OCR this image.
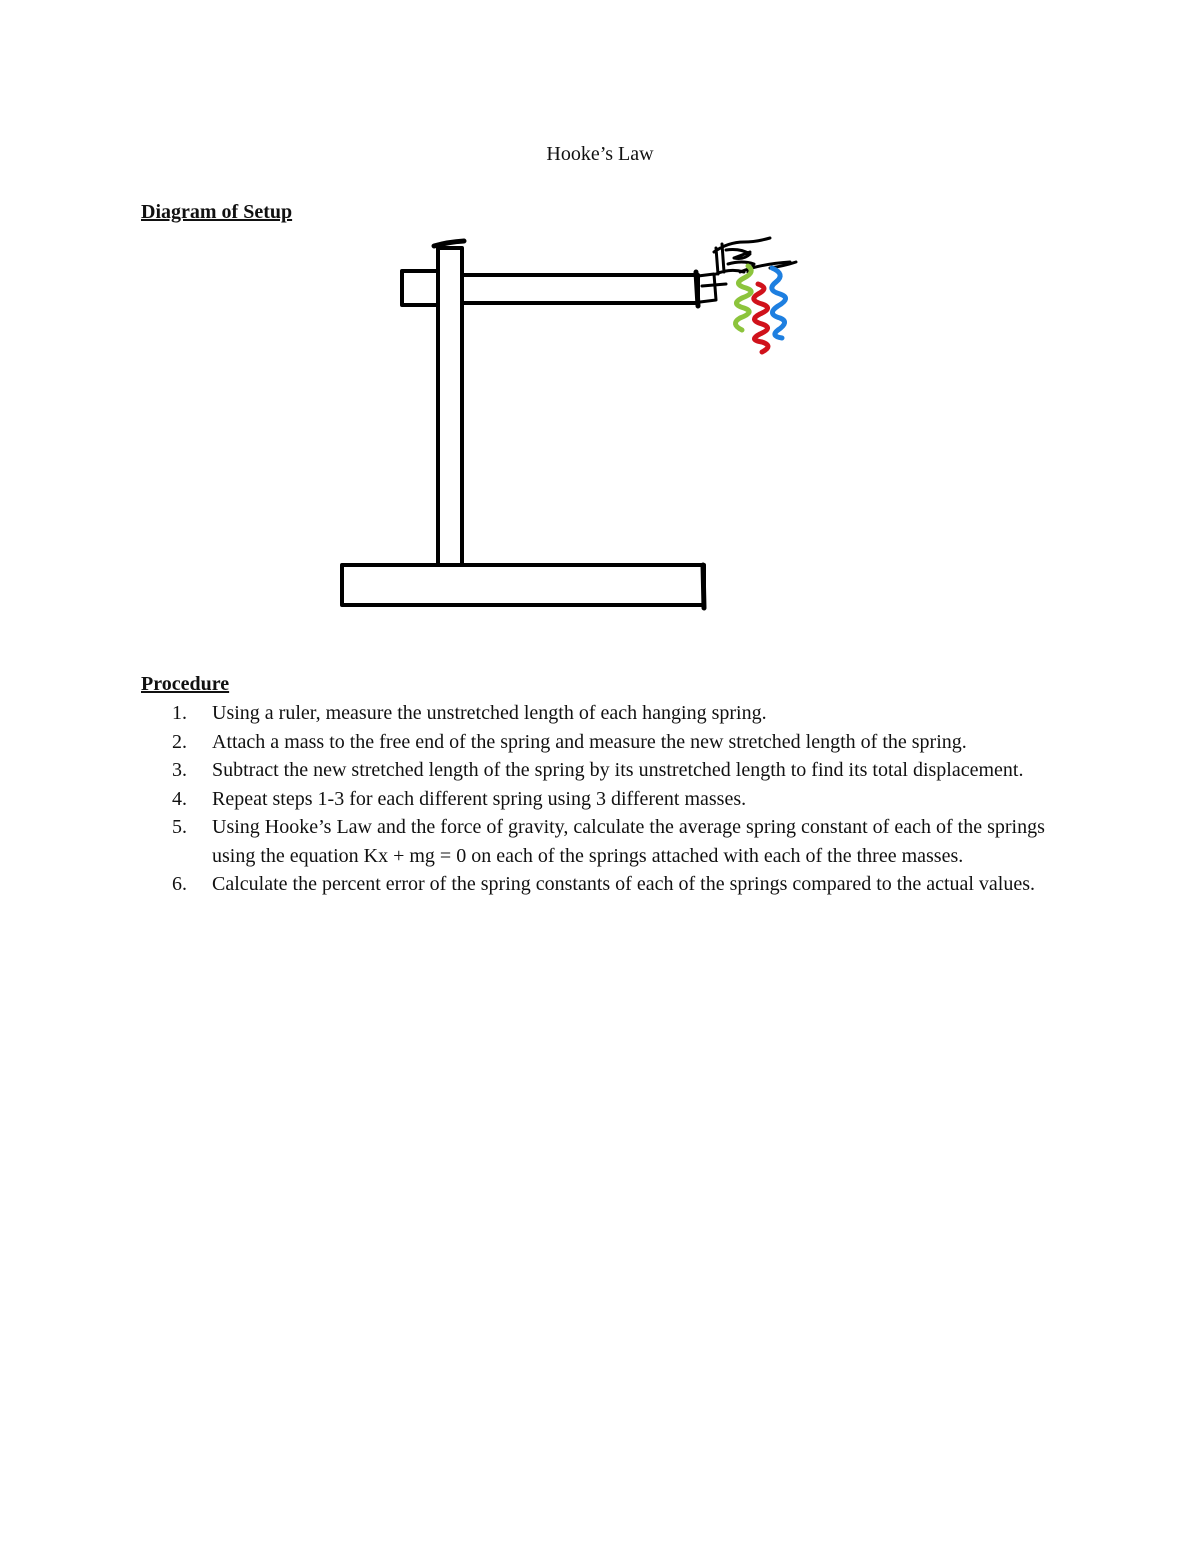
Hooke’s Law
Diagram of Setup
Procedure
1.	Using a ruler, measure the unstretched length of each hanging spring.
2.	Attach a mass to the free end of the spring and measure the new stretched length of the spring.
3.	Subtract the new stretched length of the spring by its unstretched length to find its total displacement.
4.	Repeat steps 1-3 for each different spring using 3 different masses.
5.	Using Hooke’s Law and the force of gravity, calculate the average spring constant of each of the springs using the equation Kx + mg = 0 on each of the springs attached with each of the three masses.
6.	Calculate the percent error of the spring constants of each of the springs compared to the actual values.
